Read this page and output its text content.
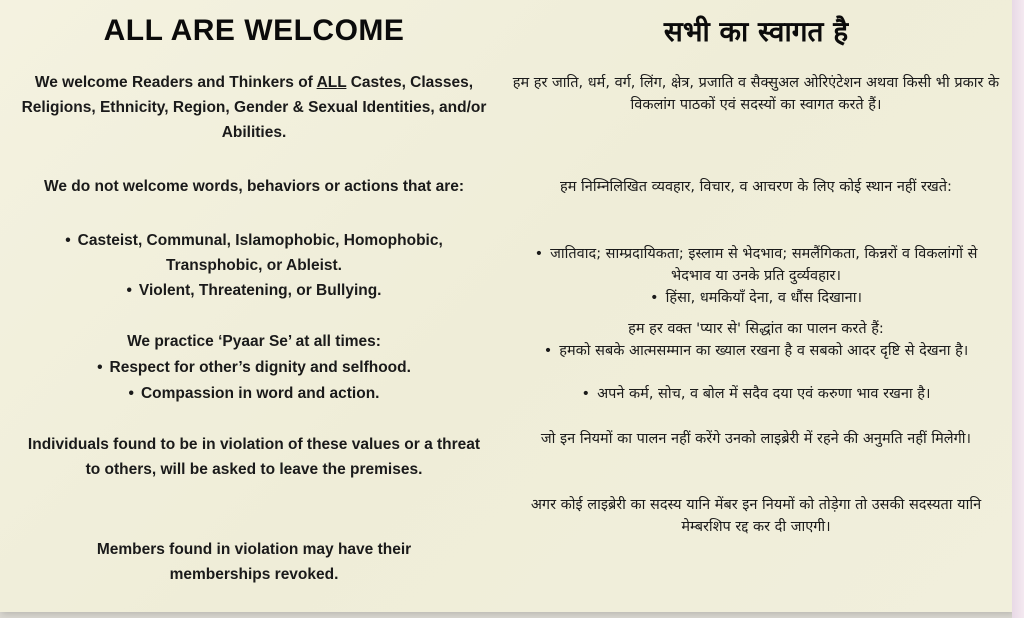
ALL ARE WELCOME
We welcome Readers and Thinkers of ALL Castes, Classes, Religions, Ethnicity, Region, Gender & Sexual Identities, and/or Abilities.
We do not welcome words, behaviors or actions that are:
• Casteist, Communal, Islamophobic, Homophobic, Transphobic, or Ableist.
• Violent, Threatening, or Bullying.
We practice ‘Pyaar Se’ at all times:
• Respect for other’s dignity and selfhood.
• Compassion in word and action.
Individuals found to be in violation of these values or a threat to others, will be asked to leave the premises.
Members found in violation may have their memberships revoked.
सभी का स्वागत है
हम हर जाति, धर्म, वर्ग, लिंग, क्षेत्र, प्रजाति व सैक्सुअल ओरिएंटेशन अथवा किसी भी प्रकार के विकलांग पाठकों एवं सदस्यों का स्वागत करते हैं।
हम निम्निलिखित व्यवहार, विचार, व आचरण के लिए कोई स्थान नहीं रखते:
• जातिवाद; साम्प्रदायिकता; इस्लाम से भेदभाव; समलैंगिकता, किन्नरों व विकलांगों से भेदभाव या उनके प्रति दुर्व्यवहार।
• हिंसा, धमकियाँ देना, व धौंस दिखाना।
हम हर वक्त 'प्यार से' सिद्धांत का पालन करते हैं:
• हमको सबके आत्मसम्मान का ख्याल रखना है व सबको आदर दृष्टि से देखना है।
• अपने कर्म, सोच, व बोल में सदैव दया एवं करुणा भाव रखना है।
जो इन नियमों का पालन नहीं करेंगे उनको लाइब्रेरी में रहने की अनुमति नहीं मिलेगी।
अगर कोई लाइब्रेरी का सदस्य यानि मेंबर इन नियमों को तोड़ेगा तो उसकी सदस्यता यानि मेम्बरशिप रद्द कर दी जाएगी।
